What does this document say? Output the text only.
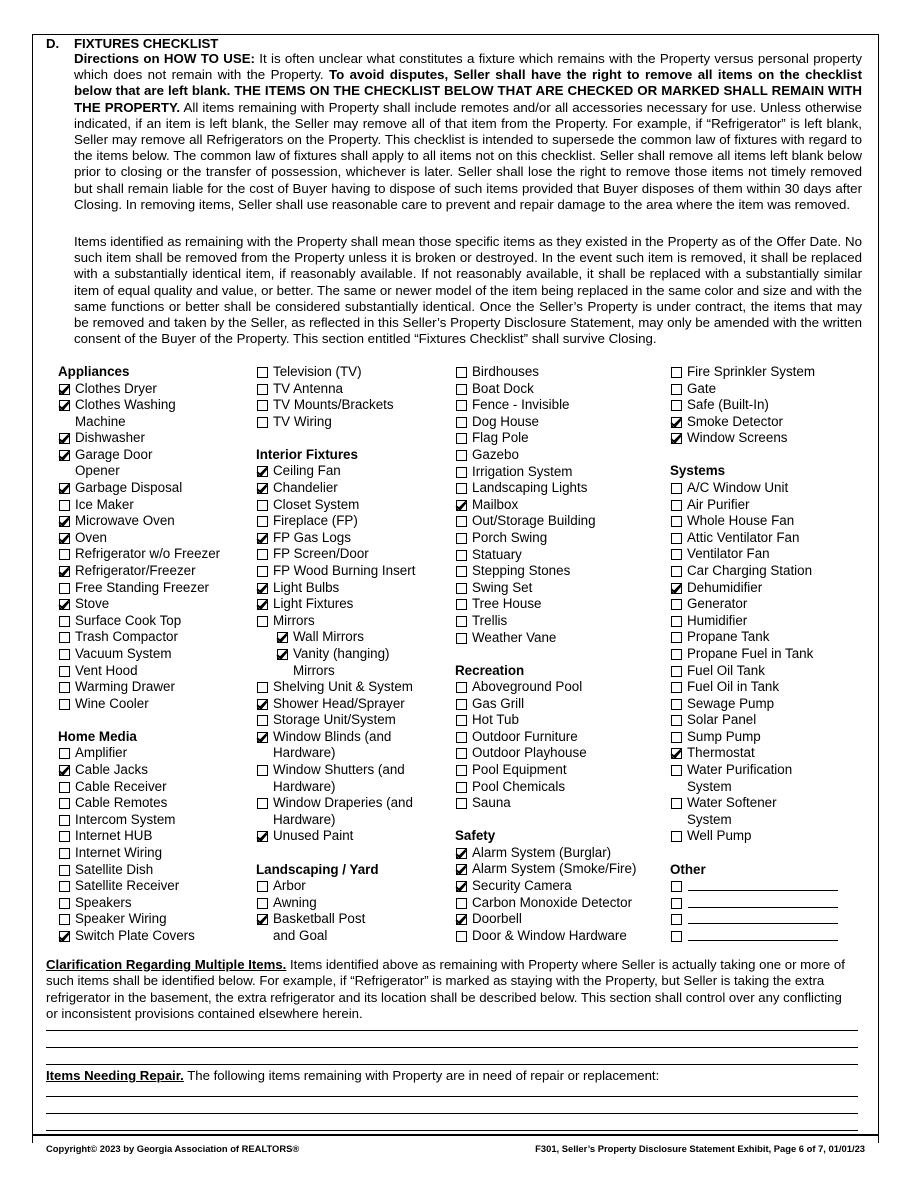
D. FIXTURES CHECKLIST
Directions on HOW TO USE: It is often unclear what constitutes a fixture which remains with the Property versus personal property which does not remain with the Property. To avoid disputes, Seller shall have the right to remove all items on the checklist below that are left blank. THE ITEMS ON THE CHECKLIST BELOW THAT ARE CHECKED OR MARKED SHALL REMAIN WITH THE PROPERTY. All items remaining with Property shall include remotes and/or all accessories necessary for use. Unless otherwise indicated, if an item is left blank, the Seller may remove all of that item from the Property. For example, if “Refrigerator” is left blank, Seller may remove all Refrigerators on the Property. This checklist is intended to supersede the common law of fixtures with regard to the items below. The common law of fixtures shall apply to all items not on this checklist. Seller shall remove all items left blank below prior to closing or the transfer of possession, whichever is later. Seller shall lose the right to remove those items not timely removed but shall remain liable for the cost of Buyer having to dispose of such items provided that Buyer disposes of them within 30 days after Closing. In removing items, Seller shall use reasonable care to prevent and repair damage to the area where the item was removed.
Items identified as remaining with the Property shall mean those specific items as they existed in the Property as of the Offer Date. No such item shall be removed from the Property unless it is broken or destroyed. In the event such item is removed, it shall be replaced with a substantially identical item, if reasonably available. If not reasonably available, it shall be replaced with a substantially similar item of equal quality and value, or better. The same or newer model of the item being replaced in the same color and size and with the same functions or better shall be considered substantially identical. Once the Seller’s Property is under contract, the items that may be removed and taken by the Seller, as reflected in this Seller’s Property Disclosure Statement, may only be amended with the written consent of the Buyer of the Property. This section entitled “Fixtures Checklist” shall survive Closing.
Appliances
Clothes Dryer
Clothes Washing
Machine
Dishwasher
Garage Door
Opener
Garbage Disposal
Ice Maker
Microwave Oven
Oven
Refrigerator w/o Freezer
Refrigerator/Freezer
Free Standing Freezer
Stove
Surface Cook Top
Trash Compactor
Vacuum System
Vent Hood
Warming Drawer
Wine Cooler
Home Media
Amplifier
Cable Jacks
Cable Receiver
Cable Remotes
Intercom System
Internet HUB
Internet Wiring
Satellite Dish
Satellite Receiver
Speakers
Speaker Wiring
Switch Plate Covers
Television (TV)
TV Antenna
TV Mounts/Brackets
TV Wiring
Interior Fixtures
Ceiling Fan
Chandelier
Closet System
Fireplace (FP)
FP Gas Logs
FP Screen/Door
FP Wood Burning Insert
Light Bulbs
Light Fixtures
Mirrors
Wall Mirrors
Vanity (hanging)
Mirrors
Shelving Unit & System
Shower Head/Sprayer
Storage Unit/System
Window Blinds (and
Hardware)
Window Shutters (and
Hardware)
Window Draperies (and
Hardware)
Unused Paint
Landscaping / Yard
Arbor
Awning
Basketball Post
and Goal
Birdhouses
Boat Dock
Fence - Invisible
Dog House
Flag Pole
Gazebo
Irrigation System
Landscaping Lights
Mailbox
Out/Storage Building
Porch Swing
Statuary
Stepping Stones
Swing Set
Tree House
Trellis
Weather Vane
Recreation
Aboveground Pool
Gas Grill
Hot Tub
Outdoor Furniture
Outdoor Playhouse
Pool Equipment
Pool Chemicals
Sauna
Safety
Alarm System (Burglar)
Alarm System (Smoke/Fire)
Security Camera
Carbon Monoxide Detector
Doorbell
Door & Window Hardware
Fire Sprinkler System
Gate
Safe (Built-In)
Smoke Detector
Window Screens
Systems
A/C Window Unit
Air Purifier
Whole House Fan
Attic Ventilator Fan
Ventilator Fan
Car Charging Station
Dehumidifier
Generator
Humidifier
Propane Tank
Propane Fuel in Tank
Fuel Oil Tank
Fuel Oil in Tank
Sewage Pump
Solar Panel
Sump Pump
Thermostat
Water Purification
System
Water Softener
System
Well Pump
Other
Clarification Regarding Multiple Items. Items identified above as remaining with Property where Seller is actually taking one or more of such items shall be identified below. For example, if “Refrigerator” is marked as staying with the Property, but Seller is taking the extra refrigerator in the basement, the extra refrigerator and its location shall be described below. This section shall control over any conflicting or inconsistent provisions contained elsewhere herein.
Items Needing Repair. The following items remaining with Property are in need of repair or replacement:
Copyright© 2023 by Georgia Association of REALTORS®	F301, Seller’s Property Disclosure Statement Exhibit, Page 6 of 7, 01/01/23
